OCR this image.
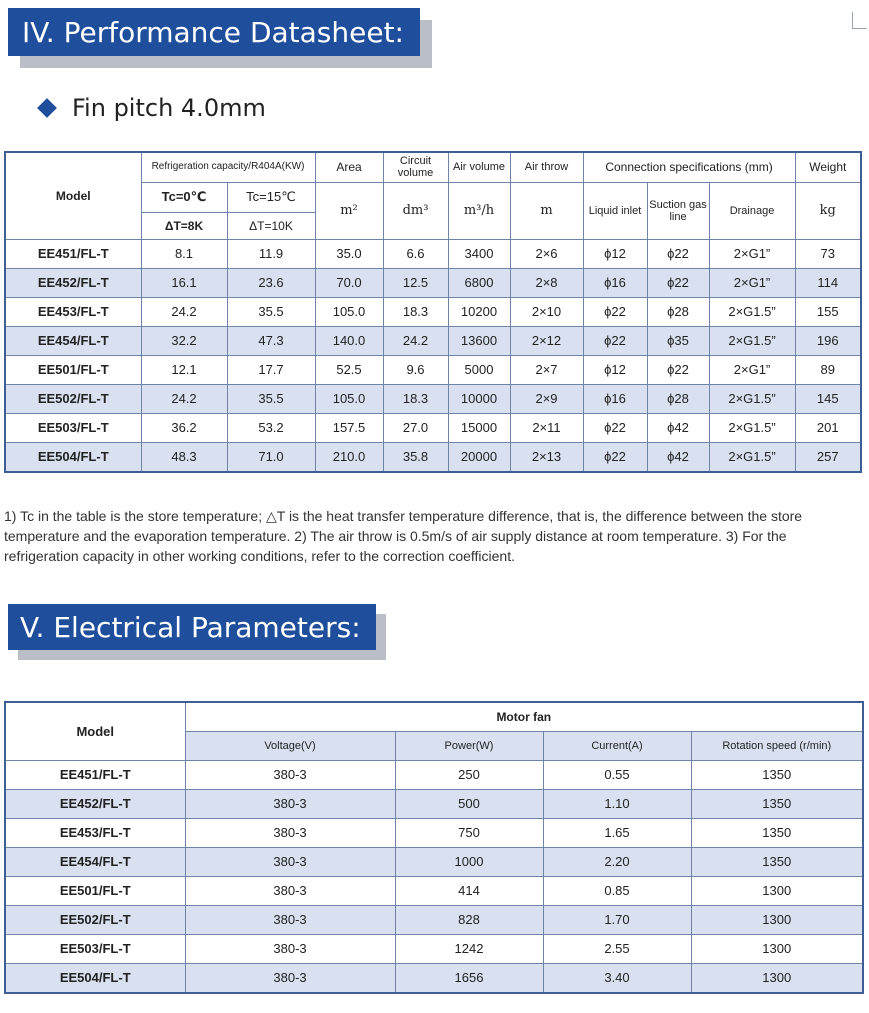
IV. Performance Datasheet:
Fin pitch 4.0mm
Model	Refrigeration capacity/R404A(KW)		Area	Circuit volume	Air volume	Air throw	Connection specifications (mm)			Weight
	Tc=0℃	Tc=15℃	m²	dm³	m³/h	m	Liquid inlet	Suction gas line	Drainage	kg
	ΔT=8K	ΔT=10K								
EE451/FL-T	8.1	11.9	35.0	6.6	3400	2×6	ϕ12	ϕ22	2×G1”	73
EE452/FL-T	16.1	23.6	70.0	12.5	6800	2×8	ϕ16	ϕ22	2×G1”	114
EE453/FL-T	24.2	35.5	105.0	18.3	10200	2×10	ϕ22	ϕ28	2×G1.5”	155
EE454/FL-T	32.2	47.3	140.0	24.2	13600	2×12	ϕ22	ϕ35	2×G1.5”	196
EE501/FL-T	12.1	17.7	52.5	9.6	5000	2×7	ϕ12	ϕ22	2×G1”	89
EE502/FL-T	24.2	35.5	105.0	18.3	10000	2×9	ϕ16	ϕ28	2×G1.5”	145
EE503/FL-T	36.2	53.2	157.5	27.0	15000	2×11	ϕ22	ϕ42	2×G1.5”	201
EE504/FL-T	48.3	71.0	210.0	35.8	20000	2×13	ϕ22	ϕ42	2×G1.5”	257
1) Tc in the table is the store temperature; △T is the heat transfer temperature difference, that is, the difference between the store temperature and the evaporation temperature. 2) The air throw is 0.5m/s of air supply distance at room temperature. 3) For the refrigeration capacity in other working conditions, refer to the correction coefficient.
V. Electrical Parameters:
Model	Motor fan			
	Voltage(V)	Power(W)	Current(A)	Rotation speed (r/min)
EE451/FL-T	380-3	250	0.55	1350
EE452/FL-T	380-3	500	1.10	1350
EE453/FL-T	380-3	750	1.65	1350
EE454/FL-T	380-3	1000	2.20	1350
EE501/FL-T	380-3	414	0.85	1300
EE502/FL-T	380-3	828	1.70	1300
EE503/FL-T	380-3	1242	2.55	1300
EE504/FL-T	380-3	1656	3.40	1300
